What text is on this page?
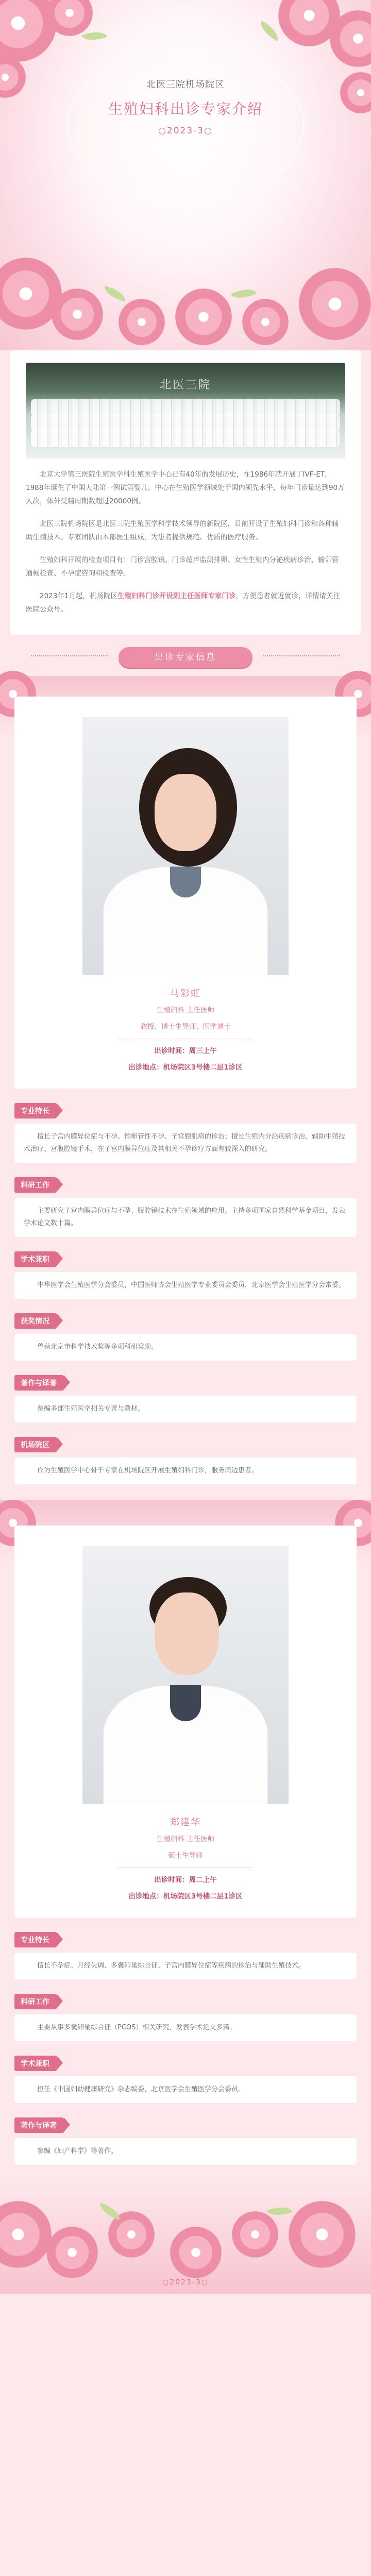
北医三院机场院区
生殖妇科出诊专家介绍
○2023-3○
北医三院

北京大学第三医院生殖医学科生殖医学中心已有40年的发展历史，在1986年就开展了IVF-ET，1988年诞生了中国大陆第一例试管婴儿。中心在生殖医学领域处于国内领先水平，每年门诊量达到90万人次，体外受精周期数超过20000例。

北医三院机场院区是北医三院生殖医学科学技术领导的新院区，目前开设了生殖妇科门诊和各种辅助生殖技术。专家团队由本部医生组成，为患者提供规范、优质的医疗服务。

生殖妇科开展的检查项目有：门诊宫腔镜、门诊超声监测排卵、女性生殖内分泌疾病诊治、输卵管通畅检查、不孕症咨询和检查等。

2023年1月起，机场院区生殖妇科门诊开设副主任医师专家门诊，方便患者就近就诊，详情请关注医院公众号。

出诊专家信息
马彩虹
生殖妇科 主任医师
教授、博士生导师、医学博士
出诊时间：周三上午
出诊地点：机场院区3号楼二层1诊区
专业特长
擅长子宫内膜异位症与不孕、输卵管性不孕、子宫腺肌病的诊治；擅长生殖内分泌疾病诊治、辅助生殖技术治疗、宫腹腔镜手术，在子宫内膜异位症及其相关不孕诊疗方面有较深入的研究。
科研工作
主要研究子宫内膜异位症与不孕、腹腔镜技术在生殖领域的应用。主持多项国家自然科学基金项目，发表学术论文数十篇。
学术兼职
中华医学会生殖医学分会委员，中国医师协会生殖医学专业委员会委员，北京医学会生殖医学分会常委。
获奖情况
曾获北京市科学技术奖等多项科研奖励。
著作与译著
参编多部生殖医学相关专著与教材。
机场院区
作为生殖医学中心骨干专家在机场院区开展生殖妇科门诊，服务周边患者。
郑建华
生殖妇科 主任医师
硕士生导师
出诊时间：周二上午
出诊地点：机场院区3号楼二层1诊区
专业特长
擅长不孕症、月经失调、多囊卵巢综合征、子宫内膜异位症等疾病的诊治与辅助生殖技术。
科研工作
主要从事多囊卵巢综合征（PCOS）相关研究，发表学术论文多篇。
学术兼职
担任《中国妇幼健康研究》杂志编委，北京医学会生殖医学分会委员。
著作与译著
参编《妇产科学》等著作。
○2023-3○
